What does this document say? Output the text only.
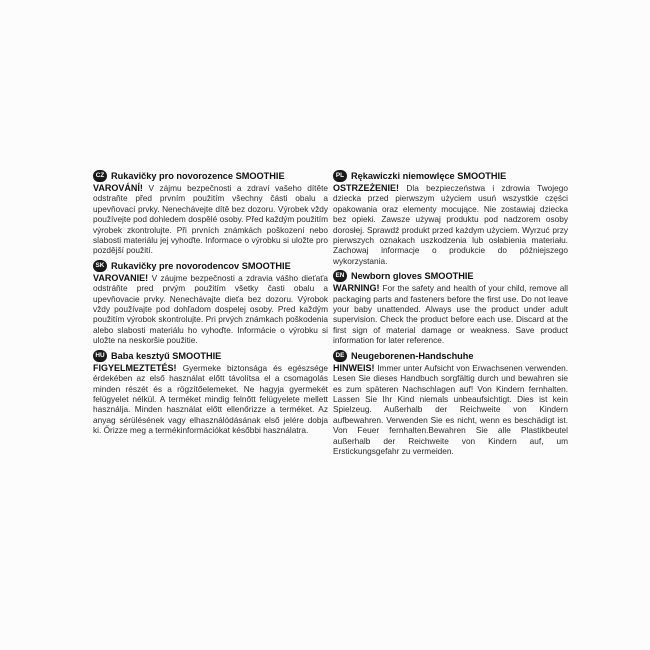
CZ Rukavičky pro novorozence SMOOTHIE
VAROVÁNÍ! V zájmu bezpečnosti a zdraví vašeho dítěte odstraňte před prvním použitím všechny části obalu a upevňovací prvky. Nenechávejte dítě bez dozoru. Výrobek vždy používejte pod dohledem dospělé osoby. Před každým použitím výrobek zkontrolujte. Při prvních známkách poškození nebo slabosti materiálu jej vyhoďte. Informace o výrobku si uložte pro pozdější použití.
SK Rukavičky pre novorodencov SMOOTHIE
VAROVANIE! V záujme bezpečnosti a zdravia vášho dieťaťa odstráňte pred prvým použitím všetky časti obalu a upevňovacie prvky. Nenechávajte dieťa bez dozoru. Výrobok vždy používajte pod dohľadom dospelej osoby. Pred každým použitím výrobok skontrolujte. Pri prvých známkach poškodenia alebo slabosti materiálu ho vyhoďte. Informácie o výrobku si uložte na neskoršie použitie.
HU Baba kesztyű SMOOTHIE
FIGYELMEZTETÉS! Gyermeke biztonsága és egészsége érdekében az első használat előtt távolítsa el a csomagolás minden részét és a rögzítőelemeket. Ne hagyja gyermekét felügyelet nélkül. A terméket mindig felnőtt felügyelete mellett használja. Minden használat előtt ellenőrizze a terméket. Az anyag sérülésének vagy elhasználódásának első jelére dobja ki. Őrizze meg a termékinformációkat későbbi használatra.
PL Rękawiczki niemowlęce SMOOTHIE
OSTRZEŻENIE! Dla bezpieczeństwa i zdrowia Twojego dziecka przed pierwszym użyciem usuń wszystkie części opakowania oraz elementy mocujące. Nie zostawiaj dziecka bez opieki. Zawsze używaj produktu pod nadzorem osoby dorosłej. Sprawdź produkt przed każdym użyciem. Wyrzuć przy pierwszych oznakach uszkodzenia lub osłabienia materiału. Zachowaj informacje o produkcie do późniejszego wykorzystania.
EN Newborn gloves SMOOTHIE
WARNING! For the safety and health of your child, remove all packaging parts and fasteners before the first use. Do not leave your baby unattended. Always use the product under adult supervision. Check the product before each use. Discard at the first sign of material damage or weakness. Save product information for later reference.
DE Neugeborenen-Handschuhe
HINWEIS! Immer unter Aufsicht von Erwachsenen verwenden. Lesen Sie dieses Handbuch sorgfältig durch und bewahren sie es zum späteren Nachschlagen auf! Von Kindern fernhalten. Lassen Sie Ihr Kind niemals unbeaufsichtigt. Dies ist kein Spielzeug. Außerhalb der Reichweite von Kindern aufbewahren. Verwenden Sie es nicht, wenn es beschädigt ist. Von Feuer fernhalten.Bewahren Sie alle Plastikbeutel außerhalb der Reichweite von Kindern auf, um Erstickungsgefahr zu vermeiden.
